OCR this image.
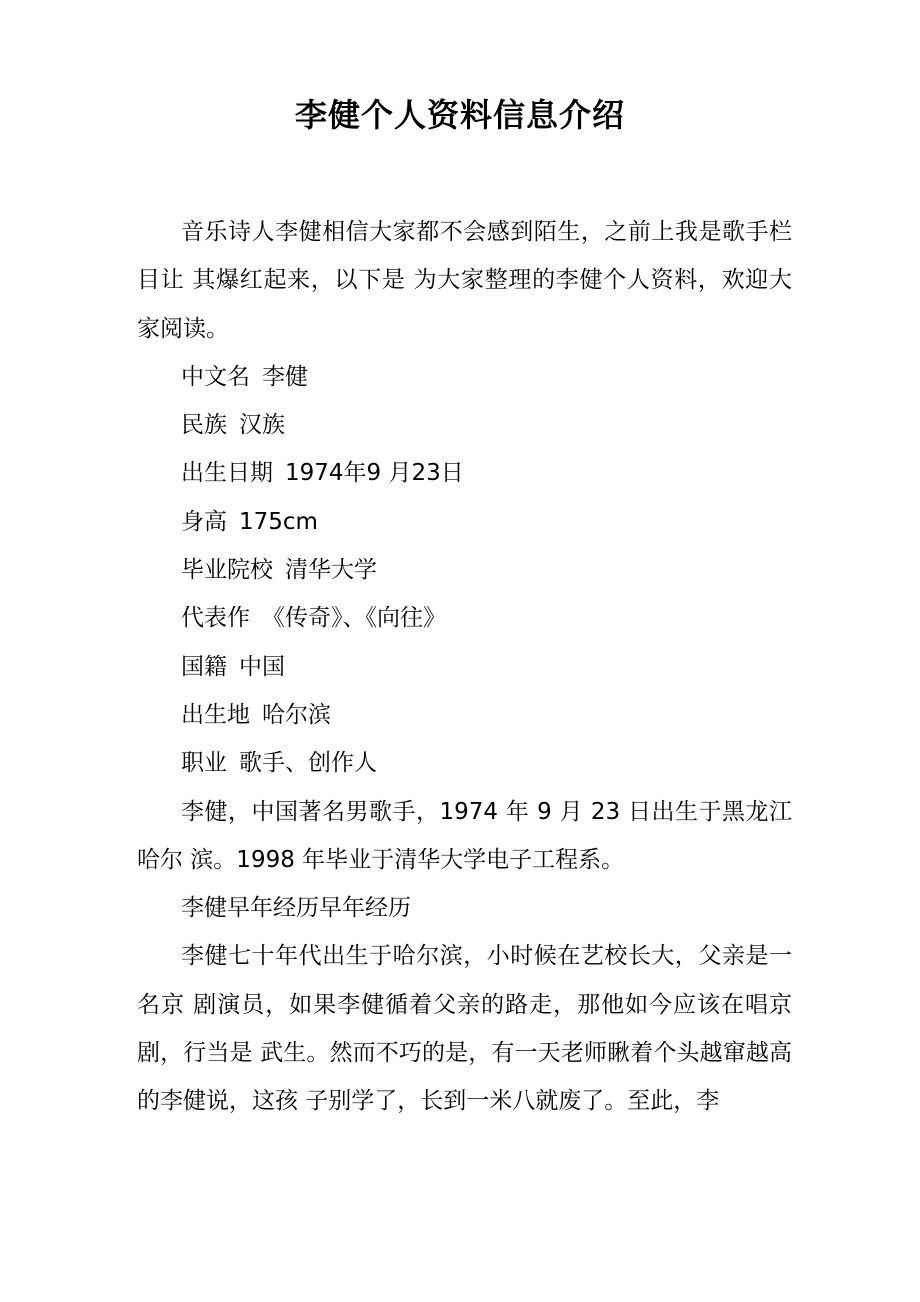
李健个人资料信息介绍

音乐诗人李健相信大家都不会感到陌生，之前上我是歌手栏目让 其爆红起来，以下是 为大家整理的李健个人资料，欢迎大家阅读。

中文名 李健

民族 汉族

出生日期 1974年9 月23日

身高 175cm

毕业院校 清华大学

代表作 《传奇》、《向往》

国籍 中国

出生地 哈尔滨

职业 歌手、创作人

李健，中国著名男歌手，1974 年 9 月 23 日出生于黑龙江哈尔 滨。1998 年毕业于清华大学电子工程系。

李健早年经历早年经历

李健七十年代出生于哈尔滨，小时候在艺校长大，父亲是一名京 剧演员，如果李健循着父亲的路走，那他如今应该在唱京剧，行当是 武生。然而不巧的是，有一天老师瞅着个头越窜越高的李健说，这孩 子别学了，长到一米八就废了。至此，李
